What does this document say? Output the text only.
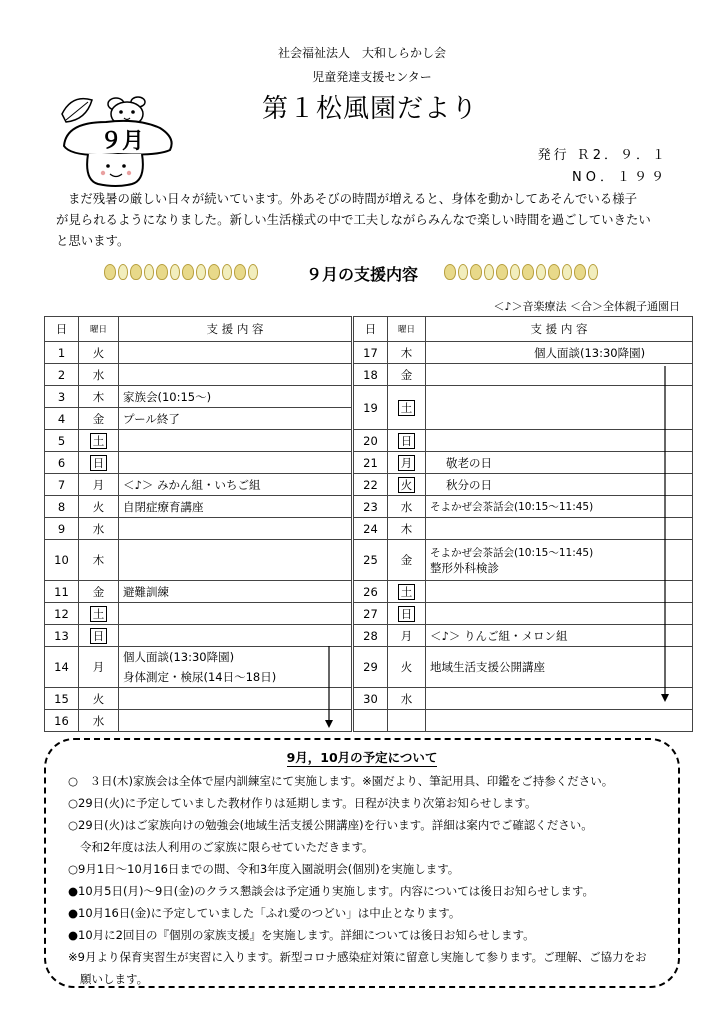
社会福祉法人　大和しらかし会
児童発達支援センター
９月
第１松風園だより
発行 Ｒ2．９．１
NO．１９９

まだ残暑の厳しい日々が続いています。外あそびの時間が増えると、身体を動かしてあそんでいる様子

が見られるようになりました。新しい生活様式の中で工夫しながらみんなで楽しい時間を過ごしていきたい

と思います。

９月の支援内容
＜♪＞音楽療法 ＜合＞全体親子通園日
日	曜日	支 援 内 容		日	曜日	支 援 内 容
1	火			17	木	個人面談(13:30降園)

2	水			18	金	

3	木	家族会(10:15～)		19	土	

4	金	プール終了				

5	土			20	日	

6	日			21	月	敬老の日

7	月	＜♪＞ みかん組・いちご組		22	火	秋分の日

8	火	自閉症療育講座		23	水	そよかぜ会茶話会(10:15～11:45)

9	水			24	木	

10	木			25	金	そよかぜ会茶話会(10:15～11:45)
整形外科検診

11	金	避難訓練		26	土	

12	土			27	日	

13	日			28	月	＜♪＞ りんご組・メロン組

14	月	個人面談(13:30降園)
身体測定・検尿(14日～18日)		29	火	地域生活支援公開講座

15	火			30	水	

16	水	

9月，10月の予定について

○　３日(木)家族会は全体で屋内訓練室にて実施します。※園だより、筆記用具、印鑑をご持参ください。

○29日(火)に予定していました教材作りは延期します。日程が決まり次第お知らせします。

○29日(火)はご家族向けの勉強会(地域生活支援公開講座)を行います。詳細は案内でご確認ください。

令和2年度は法人利用のご家族に限らせていただきます。

○9月1日～10月16日までの間、令和3年度入園説明会(個別)を実施します。

●10月5日(月)～9日(金)のクラス懇談会は予定通り実施します。内容については後日お知らせします。

●10月16日(金)に予定していました「ふれ愛のつどい」は中止となります。

●10月に2回目の『個別の家族支援』を実施します。詳細については後日お知らせします。

※9月より保育実習生が実習に入ります。新型コロナ感染症対策に留意し実施して参ります。ご理解、ご協力をお

願いします。
